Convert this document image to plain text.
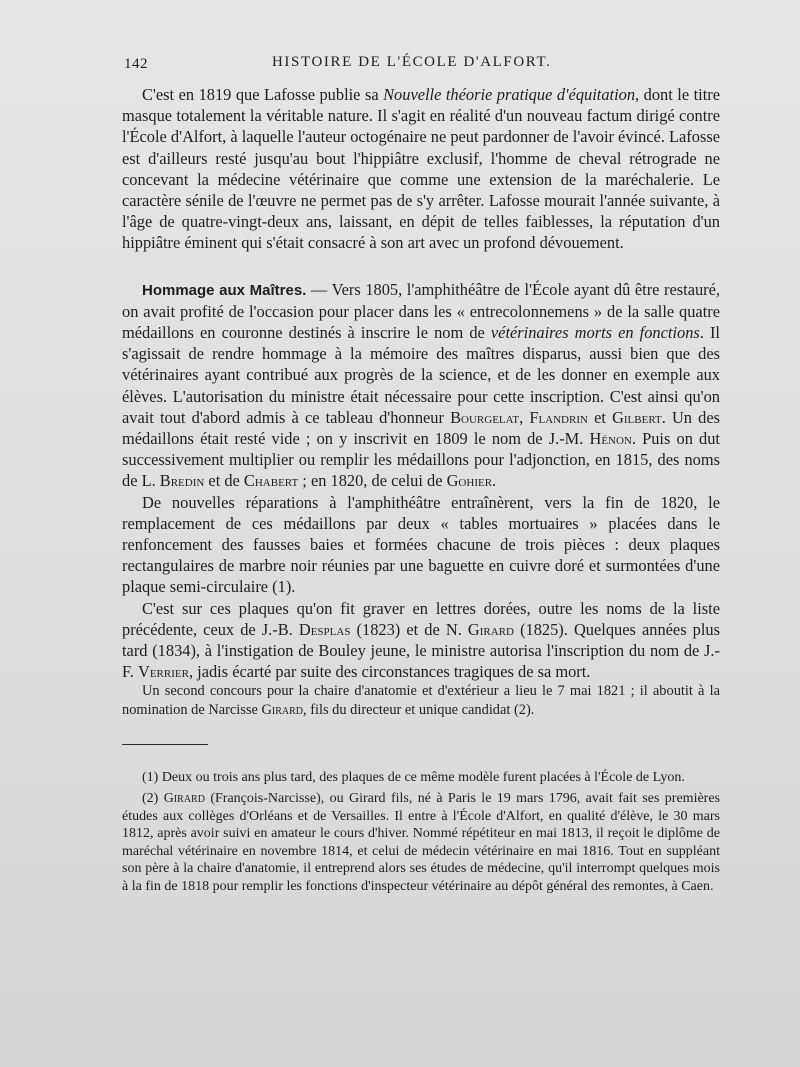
142	HISTOIRE DE L'ÉCOLE D'ALFORT.

C'est en 1819 que Lafosse publie sa Nouvelle théorie pratique d'équitation, dont le titre masque totalement la véritable nature. Il s'agit en réalité d'un nouveau factum dirigé contre l'École d'Alfort, à laquelle l'auteur octogénaire ne peut pardonner de l'avoir évincé. Lafosse est d'ailleurs resté jusqu'au bout l'hippiâtre exclusif, l'homme de cheval rétrograde ne concevant la médecine vétérinaire que comme une extension de la maréchalerie. Le caractère sénile de l'œuvre ne permet pas de s'y arrêter. Lafosse mourait l'année suivante, à l'âge de quatre-vingt-deux ans, laissant, en dépit de telles faiblesses, la réputation d'un hippiâtre éminent qui s'était consacré à son art avec un profond dévouement.

Hommage aux Maîtres. — Vers 1805, l'amphithéâtre de l'École ayant dû être restauré, on avait profité de l'occasion pour placer dans les « entrecolonnemens » de la salle quatre médaillons en couronne destinés à inscrire le nom de vétérinaires morts en fonctions. Il s'agissait de rendre hommage à la mémoire des maîtres disparus, aussi bien que des vétérinaires ayant contribué aux progrès de la science, et de les donner en exemple aux élèves. L'autorisation du ministre était nécessaire pour cette inscription. C'est ainsi qu'on avait tout d'abord admis à ce tableau d'honneur Bourgelat, Flandrin et Gilbert. Un des médaillons était resté vide ; on y inscrivit en 1809 le nom de J.-M. Hénon. Puis on dut successivement multiplier ou remplir les médaillons pour l'adjonction, en 1815, des noms de L. Bredin et de Chabert ; en 1820, de celui de Gohier.

De nouvelles réparations à l'amphithéâtre entraînèrent, vers la fin de 1820, le remplacement de ces médaillons par deux « tables mortuaires » placées dans le renfoncement des fausses baies et formées chacune de trois pièces : deux plaques rectangulaires de marbre noir réunies par une baguette en cuivre doré et surmontées d'une plaque semi-circulaire (1).

C'est sur ces plaques qu'on fit graver en lettres dorées, outre les noms de la liste précédente, ceux de J.-B. Desplas (1823) et de N. Girard (1825). Quelques années plus tard (1834), à l'instigation de Bouley jeune, le ministre autorisa l'inscription du nom de J.-F. Verrier, jadis écarté par suite des circonstances tragiques de sa mort.

Un second concours pour la chaire d'anatomie et d'extérieur a lieu le 7 mai 1821 ; il aboutit à la nomination de Narcisse Girard, fils du directeur et unique candidat (2).

(1) Deux ou trois ans plus tard, des plaques de ce même modèle furent placées à l'École de Lyon.

(2) Girard (François-Narcisse), ou Girard fils, né à Paris le 19 mars 1796, avait fait ses premières études aux collèges d'Orléans et de Versailles. Il entre à l'École d'Alfort, en qualité d'élève, le 30 mars 1812, après avoir suivi en amateur le cours d'hiver. Nommé répétiteur en mai 1813, il reçoit le diplôme de maréchal vétérinaire en novembre 1814, et celui de médecin vétérinaire en mai 1816. Tout en suppléant son père à la chaire d'anatomie, il entreprend alors ses études de médecine, qu'il interrompt quelques mois à la fin de 1818 pour remplir les fonctions d'inspecteur vétérinaire au dépôt général des remontes, à Caen.
